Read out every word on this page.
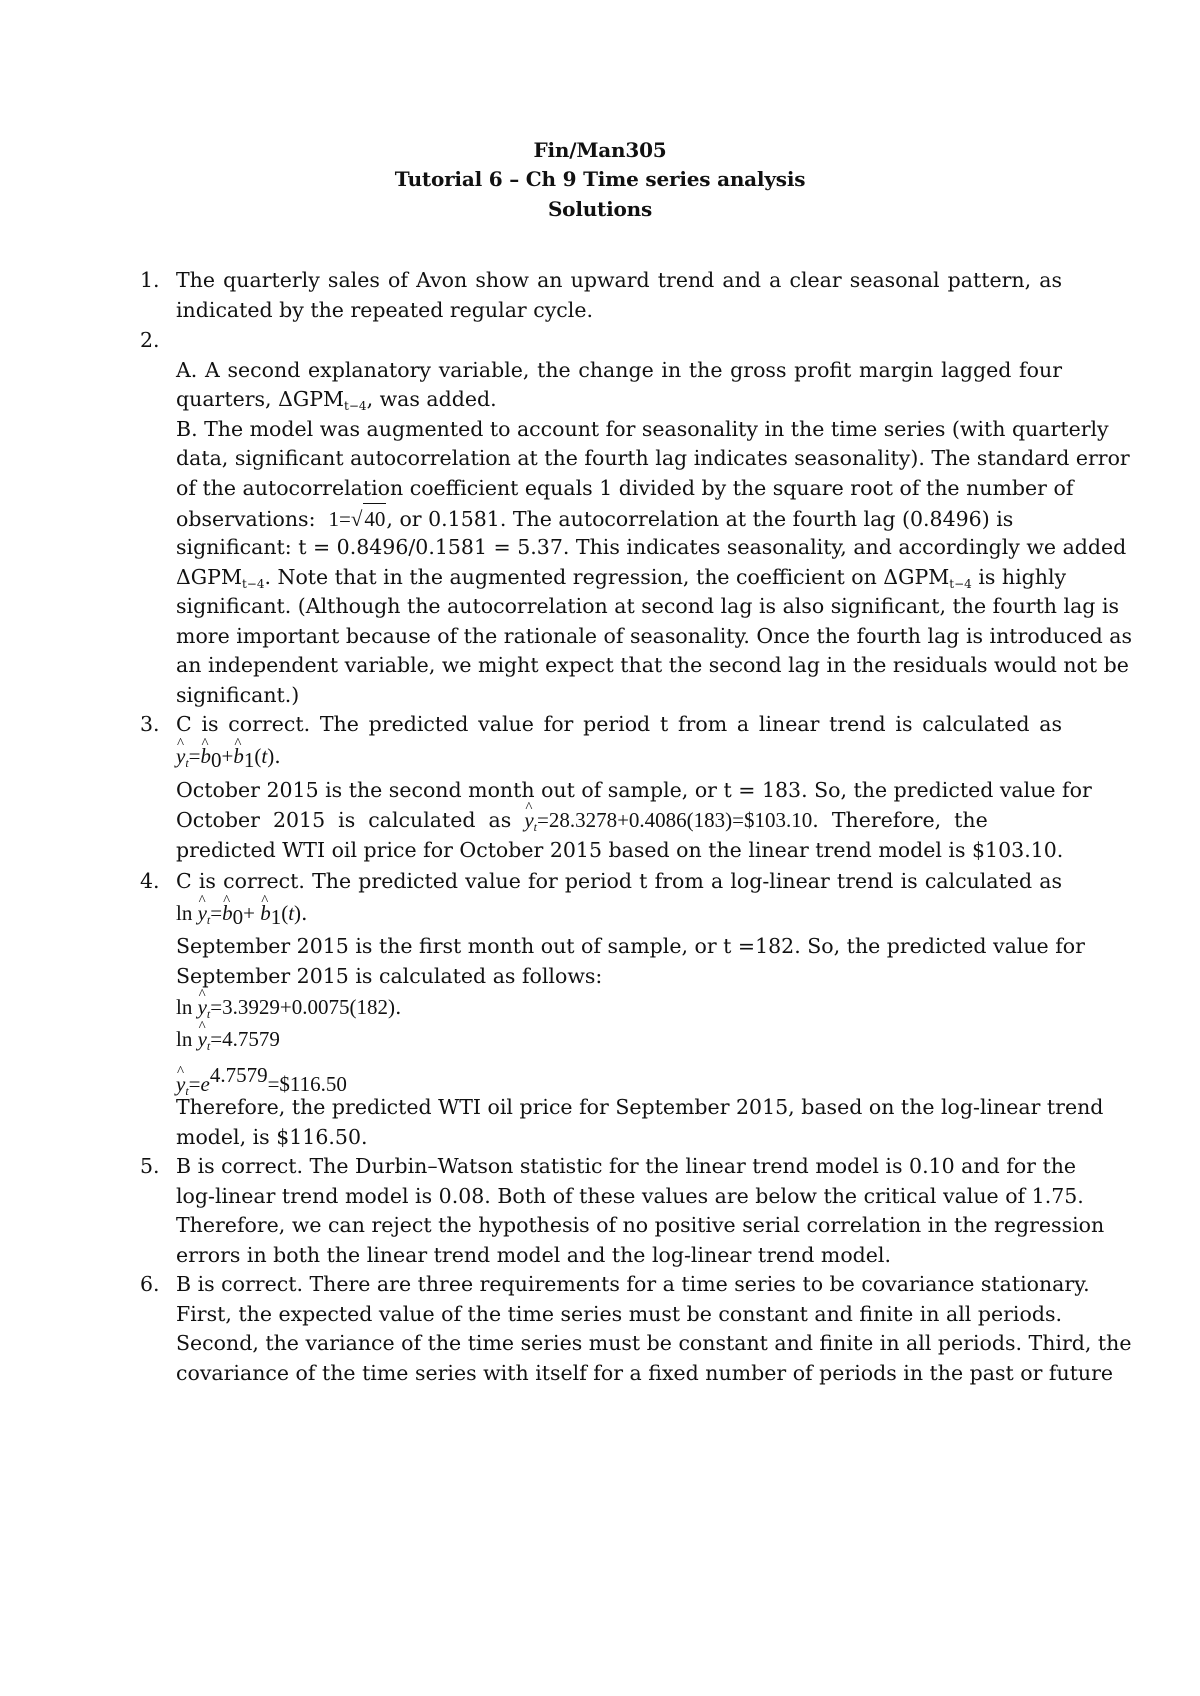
Fin/Man305
Tutorial 6 – Ch 9 Time series analysis
Solutions
1. The quarterly sales of Avon show an upward trend and a clear seasonal pattern, as
indicated by the repeated regular cycle.
2.
A. A second explanatory variable, the change in the gross profit margin lagged four
quarters, $\Delta GPM_{t-4}$, was added.
B. The model was augmented to account for seasonality in the time series (with quarterly
data, significant autocorrelation at the fourth lag indicates seasonality). The standard error
of the autocorrelation coefficient equals 1 divided by the square root of the number of
observations: 1=√40, or 0.1581. The autocorrelation at the fourth lag (0.8496) is
significant: t = 0.8496/0.1581 = 5.37. This indicates seasonality, and accordingly we added
$\Delta GPM_{t-4}$. Note that in the augmented regression, the coefficient on $\Delta GPM_{t-4}$ is highly
significant. (Although the autocorrelation at second lag is also significant, the fourth lag is
more important because of the rationale of seasonality. Once the fourth lag is introduced as
an independent variable, we might expect that the second lag in the residuals would not be
significant.)
3. C is correct. The predicted value for period t from a linear trend is calculated as
^ $y_t=\^{}$ $b_0+\^{}$ $b_1(t)$.
October 2015 is the second month out of sample, or t = 183. So, the predicted value for
October  2015  is  calculated  as  ^ $y_t=28.3278+0.4086(183)=\$103.10$.  Therefore,  the
predicted WTI oil price for October 2015 based on the linear trend model is $103.10.
4. C is correct. The predicted value for period t from a log-linear trend is calculated as
ln ^ $y_t=\^{}$ $b_0+$ ^ $b_1(t)$.
September 2015 is the first month out of sample, or t =182. So, the predicted value for
September 2015 is calculated as follows:
ln ^ $y_t=3.3929+0.0075(182)$.
ln ^ $y_t=4.7579$
^ $y_t=e^{4.7579}=\$116.50$
Therefore, the predicted WTI oil price for September 2015, based on the log-linear trend
model, is $116.50.
5. B is correct. The Durbin–Watson statistic for the linear trend model is 0.10 and for the
log-linear trend model is 0.08. Both of these values are below the critical value of 1.75.
Therefore, we can reject the hypothesis of no positive serial correlation in the regression
errors in both the linear trend model and the log-linear trend model.
6. B is correct. There are three requirements for a time series to be covariance stationary.
First, the expected value of the time series must be constant and finite in all periods.
Second, the variance of the time series must be constant and finite in all periods. Third, the
covariance of the time series with itself for a fixed number of periods in the past or future
